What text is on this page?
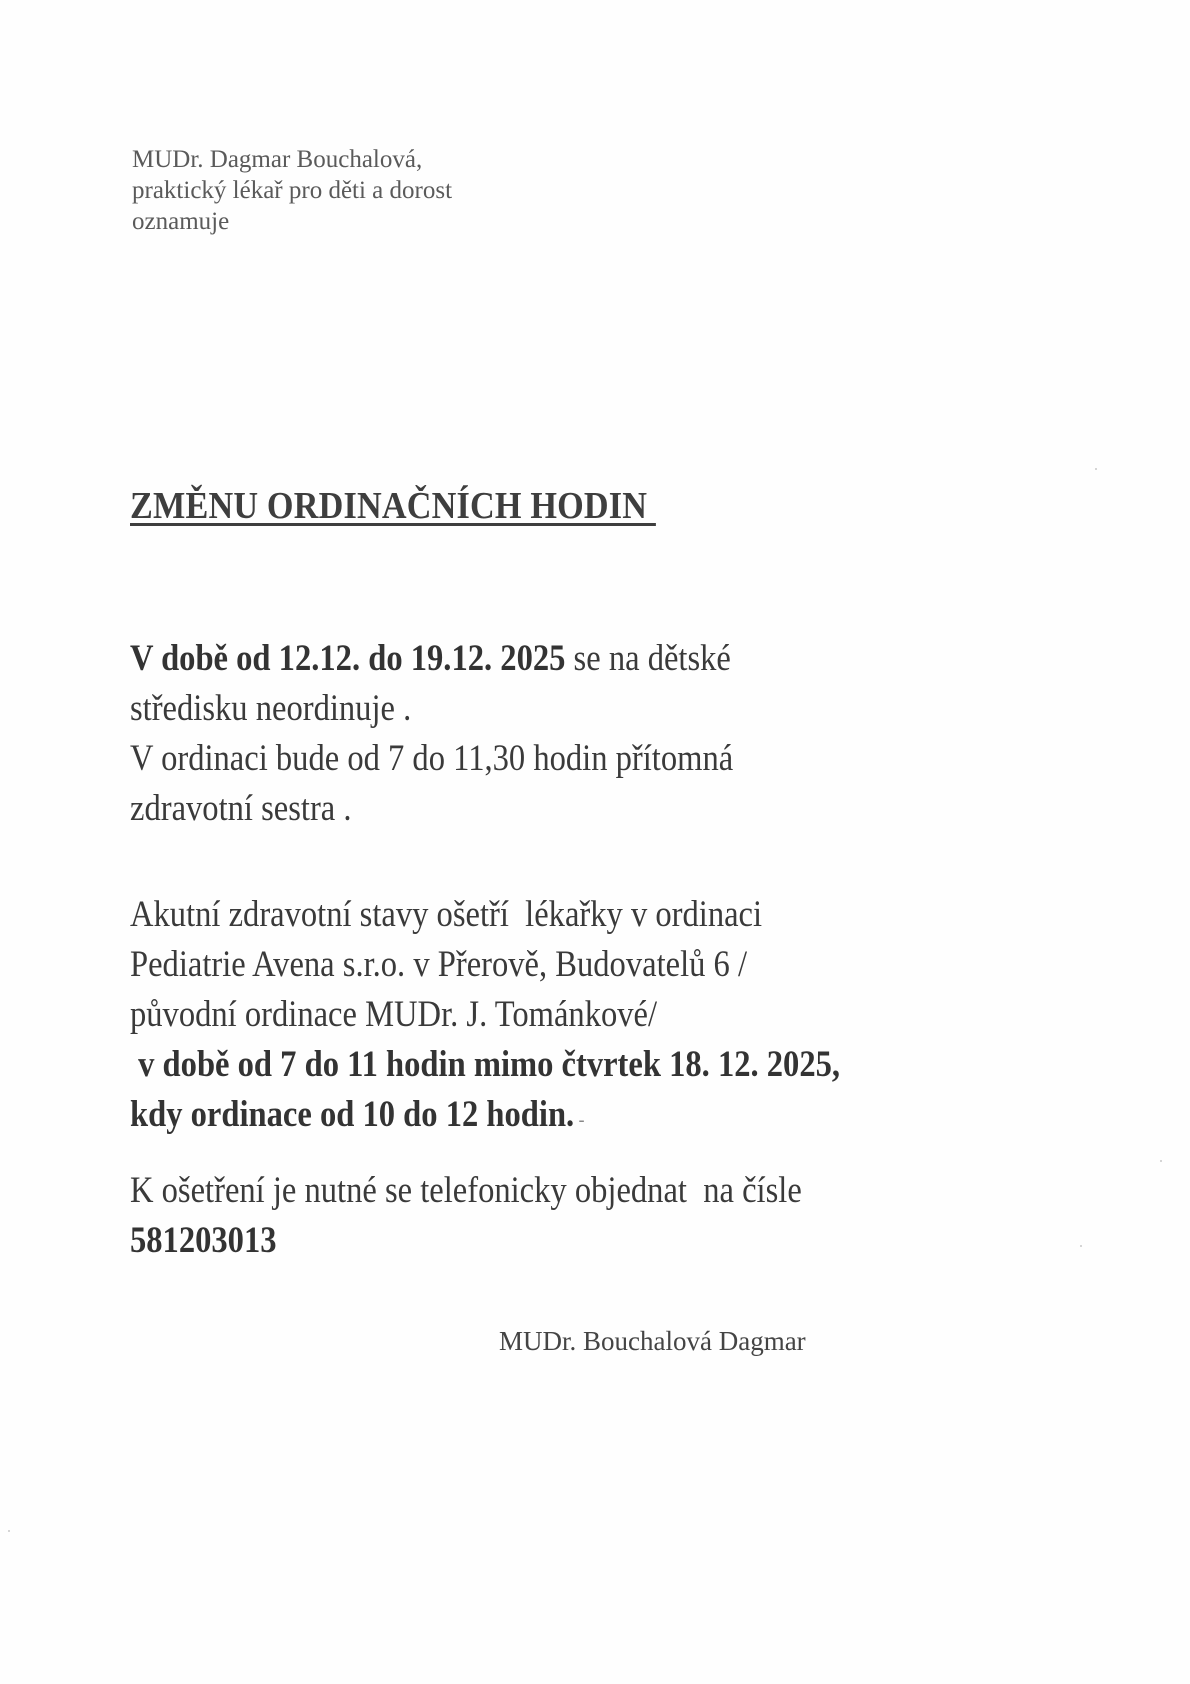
MUDr. Dagmar Bouchalová,
praktický lékař pro děti a dorost
oznamuje
ZMĚNU ORDINAČNÍCH HODIN
V době od 12.12. do 19.12. 2025 se na dětské
středisku neordinuje .
V ordinaci bude od 7 do 11,30 hodin přítomná
zdravotní sestra .
Akutní zdravotní stavy ošetří  lékařky v ordinaci
Pediatrie Avena s.r.o. v Přerově, Budovatelů 6 /
původní ordinace MUDr. J. Tománkové/
v době od 7 do 11 hodin mimo čtvrtek 18. 12. 2025,
kdy ordinace od 10 do 12 hodin. -
K ošetření je nutné se telefonicky objednat  na čísle
581203013
MUDr. Bouchalová Dagmar
